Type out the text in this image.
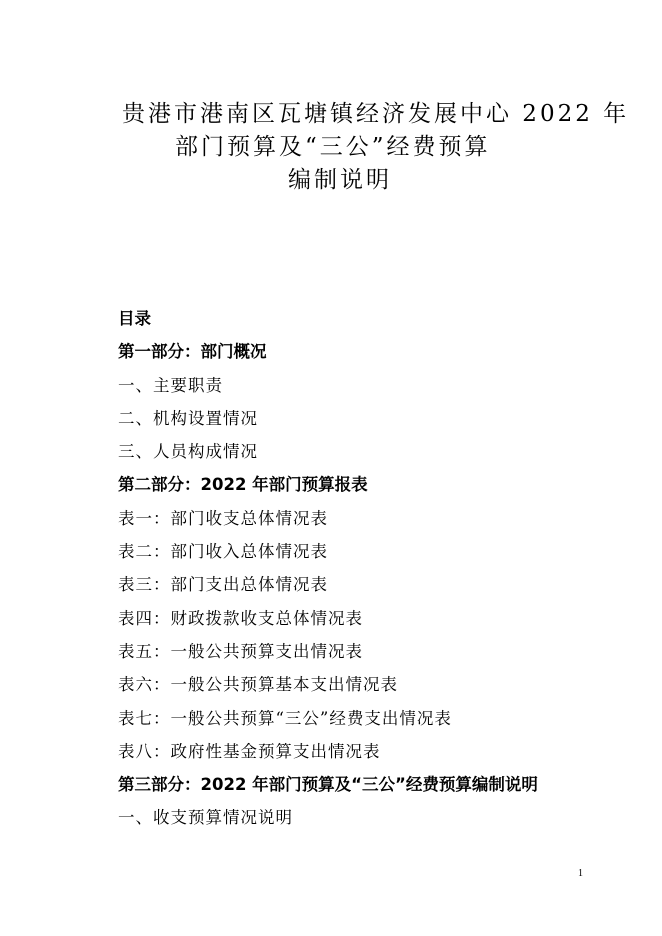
贵港市港南区瓦塘镇经济发展中心 2022 年
部门预算及“三公”经费预算
编制说明
目录
第一部分：部门概况
一、主要职责
二、机构设置情况
三、人员构成情况
第二部分：2022 年部门预算报表
表一：部门收支总体情况表
表二：部门收入总体情况表
表三：部门支出总体情况表
表四：财政拨款收支总体情况表
表五：一般公共预算支出情况表
表六：一般公共预算基本支出情况表
表七：一般公共预算“三公”经费支出情况表
表八：政府性基金预算支出情况表
第三部分：2022 年部门预算及“三公”经费预算编制说明
一、收支预算情况说明
1
